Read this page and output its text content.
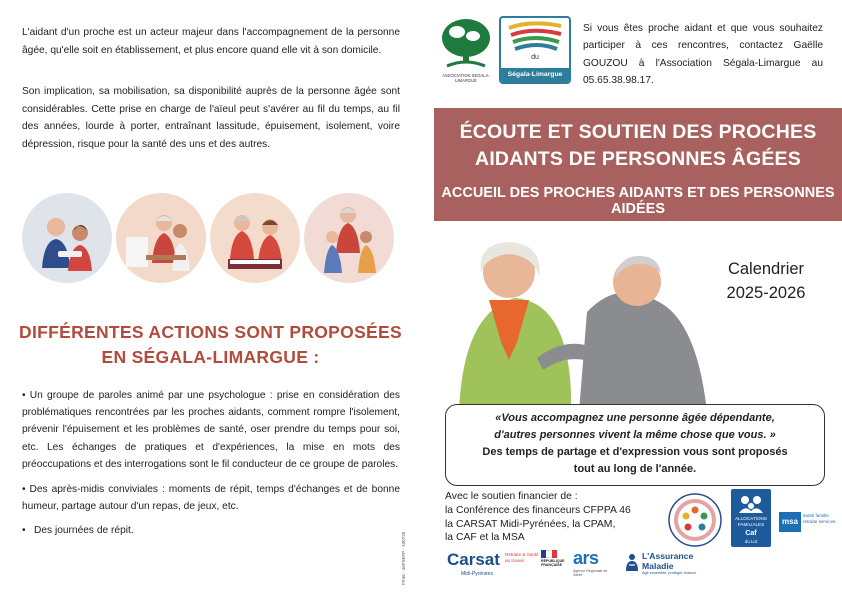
L'aidant d'un proche est un acteur majeur dans l'accompagnement de la personne âgée, qu'elle soit en établissement, et plus encore quand elle vit à son domicile.

Son implication, sa mobilisation, sa disponibilité auprès de la personne âgée sont considérables. Cette prise en charge de l'aïeul peut s'avérer au fil du temps, au fil des années, lourde à porter, entraînant lassitude, épuisement, isolement, voire dépression, risque pour la santé des uns et des autres.

DIFFÉRENTES ACTIONS SONT PROPOSÉES
EN SÉGALA-LIMARGUE :

• Un groupe de paroles animé par une psychologue : prise en considération des problématiques rencontrées par les proches aidants, comment rompre l'isolement, prévenir l'épuisement et les problèmes de santé, oser prendre du temps pour soi, etc. Les échanges de pratiques et d'expériences, la mise en mots des préoccupations et des interrogations sont le fil conducteur de ce groupe de paroles.

• Des après-midis conviviales : moments de répit, temps d'échanges et de bonne humeur, partage autour d'un repas, de jeux, etc.

• Des journées de répit.

FP46 - 46FSEFP - 100725
ASSOCIATION SEGALA-LIMARGUE
du
Ségala-Limargue

Si vous êtes proche aidant et que vous souhaitez participer à ces rencontres, contactez Gaëlle GOUZOU à l'Association Ségala-Limargue au 05.65.38.98.17.

ÉCOUTE ET SOUTIEN DES PROCHES
AIDANTS DE PERSONNES ÂGÉES
ACCUEIL DES PROCHES AIDANTS ET DES PERSONNES AIDÉES
Calendrier
2025-2026
«Vous accompagnez une personne âgée dépendante,
d'autres personnes vivent la même chose que vous. »
Des temps de partage et d'expression vous sont proposés
tout au long de l'année.
Avec le soutien financier de :
la Conférence des financeurs CFPPA 46
la CARSAT Midi-Pyrénées, la CPAM,
la CAF et la MSA
ALLOCATIONS FAMILIALES
Caf
du Lot
msa
santé famille retraite services
Carsat Retraite & Santé au travail
Midi-Pyrénées
RÉPUBLIQUE FRANÇAISE ars
Agence Régionale de Santé
L'Assurance Maladie
Agir ensemble, protéger chacun
